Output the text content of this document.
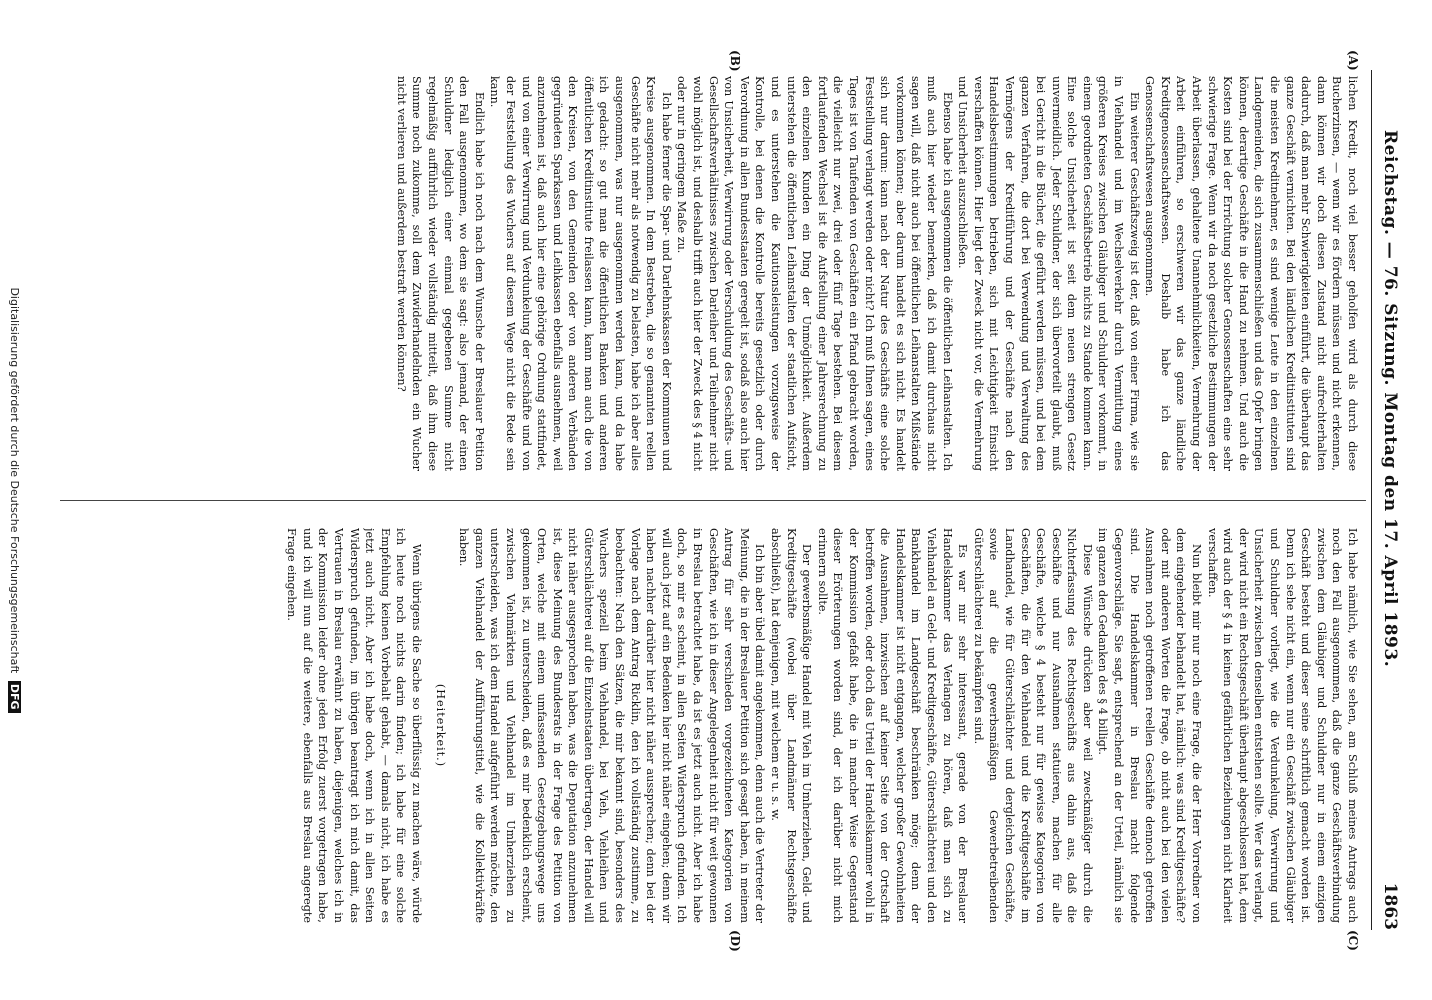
Reichstag. — 76. Sitzung. Montag den 17. April 1893.
1863
(A)
(B)
(C)
(D)

lichen Kredit, noch viel besser geholfen wird als durch diese Bucherzinsen, — wenn wir es fördern müssen und nicht erkennen, dann können wir doch diesen Zustand nicht aufrechterhalten dadurch, daß man mehr Schwierigkeiten einführt, die überhaupt das ganze Geschäft vernichten. Bei den ländlichen Kreditinstituten sind die meisten Kreditnehmer, es sind wenige Leute in den einzelnen Landgemeinden, die sich zusammenschließen und das Opfer bringen können, derartige Geschäfte in die Hand zu nehmen. Und auch die Kosten sind bei der Errichtung solcher Genossenschaften eine sehr schwierige Frage. Wenn wir da noch gesetzliche Bestimmungen der Arbeit überlassen, gehaltene Unannehmlichkeiten, Vermehrung der Arbeit einführen, so erschweren wir das ganze ländliche Kreditgenossenschaftswesen. Deshalb habe ich das Genossenschaftswesen ausgenommen.

Ein weiterer Geschäftszweig ist der, daß von einer Firma, wie sie in Viehhandel und im Wechselverkehr durch Vermittlung eines größeren Kreises zwischen Gläubiger und Schuldner vorkommt, in einem geordneten Geschäftsbetrieb nichts zu Stande kommen kann. Eine solche Unsicherheit ist seit dem neuen strengen Gesetz unvermeidlich. Jeder Schuldner, der sich übervorteilt glaubt, muß bei Gericht in die Bücher, die geführt werden müssen, und bei dem ganzen Verfahren, die dort bei Verwendung und Verwaltung des Vermögens der Kreditführung und der Geschäfte nach den Handelsbestimmungen betrieben, sich mit Leichtigkeit Einsicht verschaffen können. Hier liegt der Zweck nicht vor, die Vermehrung und Unsicherheit auszuschließen.

Ebenso habe ich ausgenommen die öffentlichen Leihanstalten. Ich muß auch hier wieder bemerken, daß ich damit durchaus nicht sagen will, daß nicht auch bei öffentlichen Leihanstalten Mißstände vorkommen können; aber darum handelt es sich nicht. Es handelt sich nur darum: kann nach der Natur des Geschäfts eine solche Feststellung verlangt werden oder nicht? Ich muß Ihnen sagen, eines Tages ist von Taufenden von Geschäften ein Pfand gebracht worden, die vielleicht nur zwei, drei oder fünf Tage bestehen. Bei diesem fortlaufenden Wechsel ist die Aufstellung einer Jahresrechnung zu den einzelnen Kunden ein Ding der Unmöglichkeit. Außerdem unterstehen die öffentlichen Leihanstalten der staatlichen Aufsicht, und es unterstehen die Kautionsleistungen vorzugsweise der Kontrolle, bei denen die Kontrolle bereits gesetzlich oder durch Verordnung in allen Bundesstaaten geregelt ist, sodaß also auch hier von Unsicherheit, Verwirrung oder Verschuldung des Geschäfts- und Gesellschaftsverhältnisses zwischen Darleiher und Teilnehmer nicht wohl möglich ist, und deshalb trifft auch hier der Zweck des § 4 nicht oder nur in geringem Maße zu.

Ich habe ferner die Spar- und Darlehnskassen der Kommunen und Kreise ausgenommen. In dem Bestreben, die so genannten reellen Geschäfte nicht mehr als notwendig zu belasten, habe ich aber alles ausgenommen, was nur ausgenommen werden kann, und da habe ich gedacht: so gut man die öffentlichen Banken und anderen öffentlichen Kreditinstitute freilassen kann, kann man auch die von den Kreisen, von den Gemeinden oder von anderen Verbänden gegründeten Sparkassen und Leihkassen ebenfalls ausnehmen, weil anzunehmen ist, daß auch hier eine gehörige Ordnung stattfindet, und von einer Verwirrung und Verdunkelung der Geschäfte und von der Feststellung des Wuchers auf diesem Wege nicht die Rede sein kann.

Endlich habe ich noch nach dem Wunsche der Breslauer Petition den Fall ausgenommen, wo dem sie sagt: also jemand, der einen Schuldner lediglich einer einmal gegebenen Summe nicht regelmäßig aufführlich wieder vollständig mitteilt, daß ihm diese Summe noch zukomme, soll dem Zuwiderhandelnden ein Wucher nicht verlieren und außerdem bestraft werden können?

Ich habe nämlich, wie Sie sehen, am Schluß meines Antrags auch noch den Fall ausgenommen, daß die ganze Geschäftsverbindung zwischen dem Gläubiger und Schuldner nur in einem einzigen Geschäft besteht und dieser seine schriftlich gemacht worden ist. Denn ich sehe nicht ein, wenn nur ein Geschäft zwischen Gläubiger und Schuldner vorliegt, wie die Verdunkelung, Verwirrung und Unsicherheit zwischen denselben entstehen sollte. Wer das verlangt, der wird nicht ein Rechtsgeschäft überhaupt abgeschlossen hat, dem wird auch der § 4 in keinen gefährlichen Beziehungen nicht Klarheit verschaffen.

Nun bleibt mir nur noch eine Frage, die der Herr Vorredner von dem eingehender behandelt hat, nämlich: was sind Kreditgeschäfte? oder mit anderen Worten die Frage, ob nicht auch bei den vielen Ausnahmen noch getroffenen reellen Geschäfte dennoch getroffen sind. Die Handelskammer in Breslau macht folgende Gegenvorschläge. Sie sagt, entsprechend an der Urteil, nämlich sie im ganzen den Gedanken des § 4 billigt.

Diese Wünsche drücken aber weil zweckmäßiger durch die Nichterfassung des Rechtsgeschäfts aus dahin aus, daß die Geschäfte und nur Ausnahmen statuieren, machen für alle Geschäfte, welche § 4 besteht nur für gewisse Kategorien von Geschäften, die für den Viehhandel und die Kreditgeschäfte im Landhandel, wie für Güterschlächter und dergleichen Geschäfte, sowie auf die gewerbsmäßigen Gewerbetreibenden Güterschlächterei zu bekämpfen sind.

Es war mir sehr interessant, gerade von der Breslauer Handelskammer das Verlangen zu hören, daß man sich zu Viehhandel an Geld- und Kreditgeschäfte, Güterschlächterei und den Bankhandel im Landgeschäft beschränken möge; denn der Handelskammer ist nicht entgangen, welcher großer Gewohnheiten die Ausnahmen, inzwischen auf keiner Seite von der Ortschaft betroffen worden, oder doch das Urteil der Handelskammer wohl in der Kommission gefaßt habe, die in mancher Weise Gegenstand dieser Erörterungen worden sind, der ich darüber nicht mich erinnern sollte.

Der gewerbsmäßige Handel mit Vieh im Umherziehen, Geld- und Kreditgeschäfte (wobei über Landmänner Rechtsgeschäfte abschließt), hat denjenigen, mit welchem er u. s. w.

Ich bin aber übel damit angekommen, denn auch die Vertreter der Meinung, die in der Breslauer Petition sich gesagt haben, in meinem Antrag für sehr verschieden vorgezeichneten Kategorien von Geschäften, wie ich in dieser Angelegenheit nicht für weit gewonnen in Breslau betrachtet habe, da ist es jetzt auch nicht. Aber ich habe doch, so mir es scheint, in allen Seiten Widerspruch gefunden. Ich will auch jetzt auf ein Bedenken hier nicht näher eingehen; denn wir haben nachher darüber hier nicht näher aussprechen; denn bei der Vorlage nach dem Antrag Ricklin, den ich vollständig zustimme, zu beobachten: Nach den Sätzen, die mir bekannt sind, besonders des Wuchers speziell beim Viehhandel, bei Vieh, Viehleihen und Güterschlächterei auf die Einzelnstaaten übertragen, der Handel will nicht näher ausgesprochen haben, was die Deputation anzunehmen ist, diese Meinung des Bundesrats in der Frage des Petition von Orten, welche mit einem umfassenden Gesetzgebungswege uns gekommen ist, zu unterscheiden, daß es mir bedenklich erscheint, zwischen Viehmärkten und Viehhandel im Umherziehen zu unterscheiden, was ich dem Handel aufgeführt werden möchte, den ganzen Viehhandel der Aufführungstitel, wie die Kollektivkräfte haben.

(Heiterkeit.)

Wenn übrigens die Sache so überflüssig zu machen wäre, würde ich heute noch nichts darin finden; ich habe für eine solche Empfehlung keinen Vorbehalt gehabt, — damals nicht, ich habe es jetzt auch nicht. Aber ich habe doch, wenn ich in allen Seiten Widerspruch gefunden, im übrigen beantragt ich mich damit, das Vertrauen in Breslau erwähnt zu haben, diejenigen, welches ich in der Kommission leider ohne jeden Erfolg zuerst vorgetragen habe, und ich will nun auf die weitere, ebenfalls aus Breslau angeregte Frage eingehen.

Digitalisierung gefördert durch die Deutsche Forschungsgemeinschaft DFG
